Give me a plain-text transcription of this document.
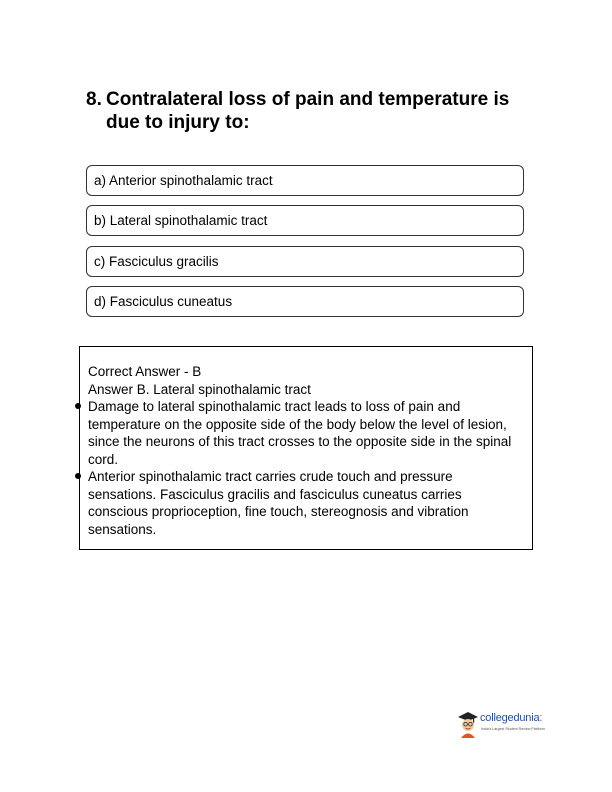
8. Contralateral loss of pain and temperature is due to injury to:
a) Anterior spinothalamic tract
b) Lateral spinothalamic tract
c) Fasciculus gracilis
d) Fasciculus cuneatus
Correct Answer - B
Answer B. Lateral spinothalamic tract
Damage to lateral spinothalamic tract leads to loss of pain and temperature on the opposite side of the body below the level of lesion, since the neurons of this tract crosses to the opposite side in the spinal cord.
Anterior spinothalamic tract carries crude touch and pressure sensations. Fasciculus gracilis and fasciculus cuneatus carries conscious proprioception, fine touch, stereognosis and vibration sensations.
collegedunia:
India's Largest Student Review Platform
